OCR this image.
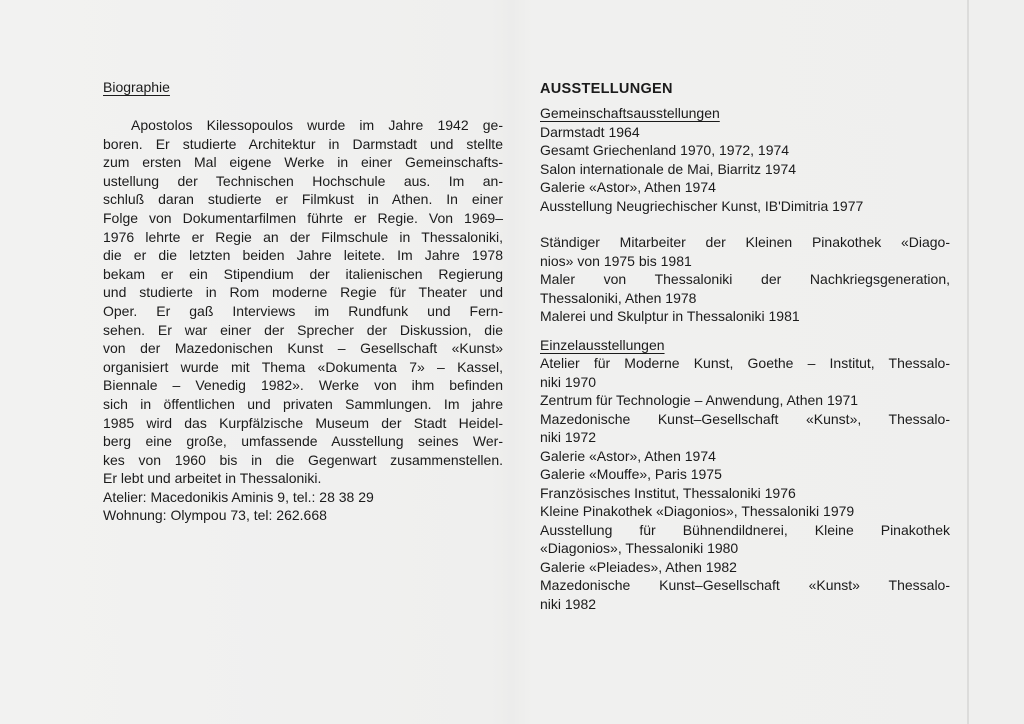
Biographie
Apostolos Kilessopoulos wurde im Jahre 1942 ge-
boren. Er studierte Architektur in Darmstadt und stellte
zum ersten Mal eigene Werke in einer Gemeinschafts-
ustellung der Technischen Hochschule aus. Im an-
schluß daran studierte er Filmkust in Athen. In einer
Folge von Dokumentarfilmen führte er Regie. Von 1969–
1976 lehrte er Regie an der Filmschule in Thessaloniki,
die er die letzten beiden Jahre leitete. Im Jahre 1978
bekam er ein Stipendium der italienischen Regierung
und studierte in Rom moderne Regie für Theater und
Oper. Er gaß Interviews im Rundfunk und Fern-
sehen. Er war einer der Sprecher der Diskussion, die
von der Mazedonischen Kunst – Gesellschaft «Kunst»
organisiert wurde mit Thema «Dokumenta 7» – Kassel,
Biennale – Venedig 1982». Werke von ihm befinden
sich in öffentlichen und privaten Sammlungen. Im jahre
1985 wird das Kurpfälzische Museum der Stadt Heidel-
berg eine große, umfassende Ausstellung seines Wer-
kes von 1960 bis in die Gegenwart zusammenstellen.
Er lebt und arbeitet in Thessaloniki.
Atelier: Macedonikis Aminis 9, tel.: 28 38 29
Wohnung: Olympou 73, tel: 262.668
AUSSTELLUNGEN
Gemeinschaftsausstellungen
Darmstadt 1964
Gesamt Griechenland 1970, 1972, 1974
Salon internationale de Mai, Biarritz 1974
Galerie «Astor», Athen 1974
Ausstellung Neugriechischer Kunst, IB'Dimitria 1977
Ständiger Mitarbeiter der Kleinen Pinakothek «Diago-
nios» von 1975 bis 1981
Maler von Thessaloniki der Nachkriegsgeneration,
Thessaloniki, Athen 1978
Malerei und Skulptur in Thessaloniki 1981
Einzelausstellungen
Atelier für Moderne Kunst, Goethe – Institut, Thessalo-
niki 1970
Zentrum für Technologie – Anwendung, Athen 1971
Mazedonische Kunst–Gesellschaft «Kunst», Thessalo-
niki 1972
Galerie «Astor», Athen 1974
Galerie «Mouffe», Paris 1975
Französisches Institut, Thessaloniki 1976
Kleine Pinakothek «Diagonios», Thessaloniki 1979
Ausstellung für Bühnendildnerei, Kleine Pinakothek
«Diagonios», Thessaloniki 1980
Galerie «Pleiades», Athen 1982
Mazedonische Kunst–Gesellschaft «Kunst» Thessalo-
niki 1982
